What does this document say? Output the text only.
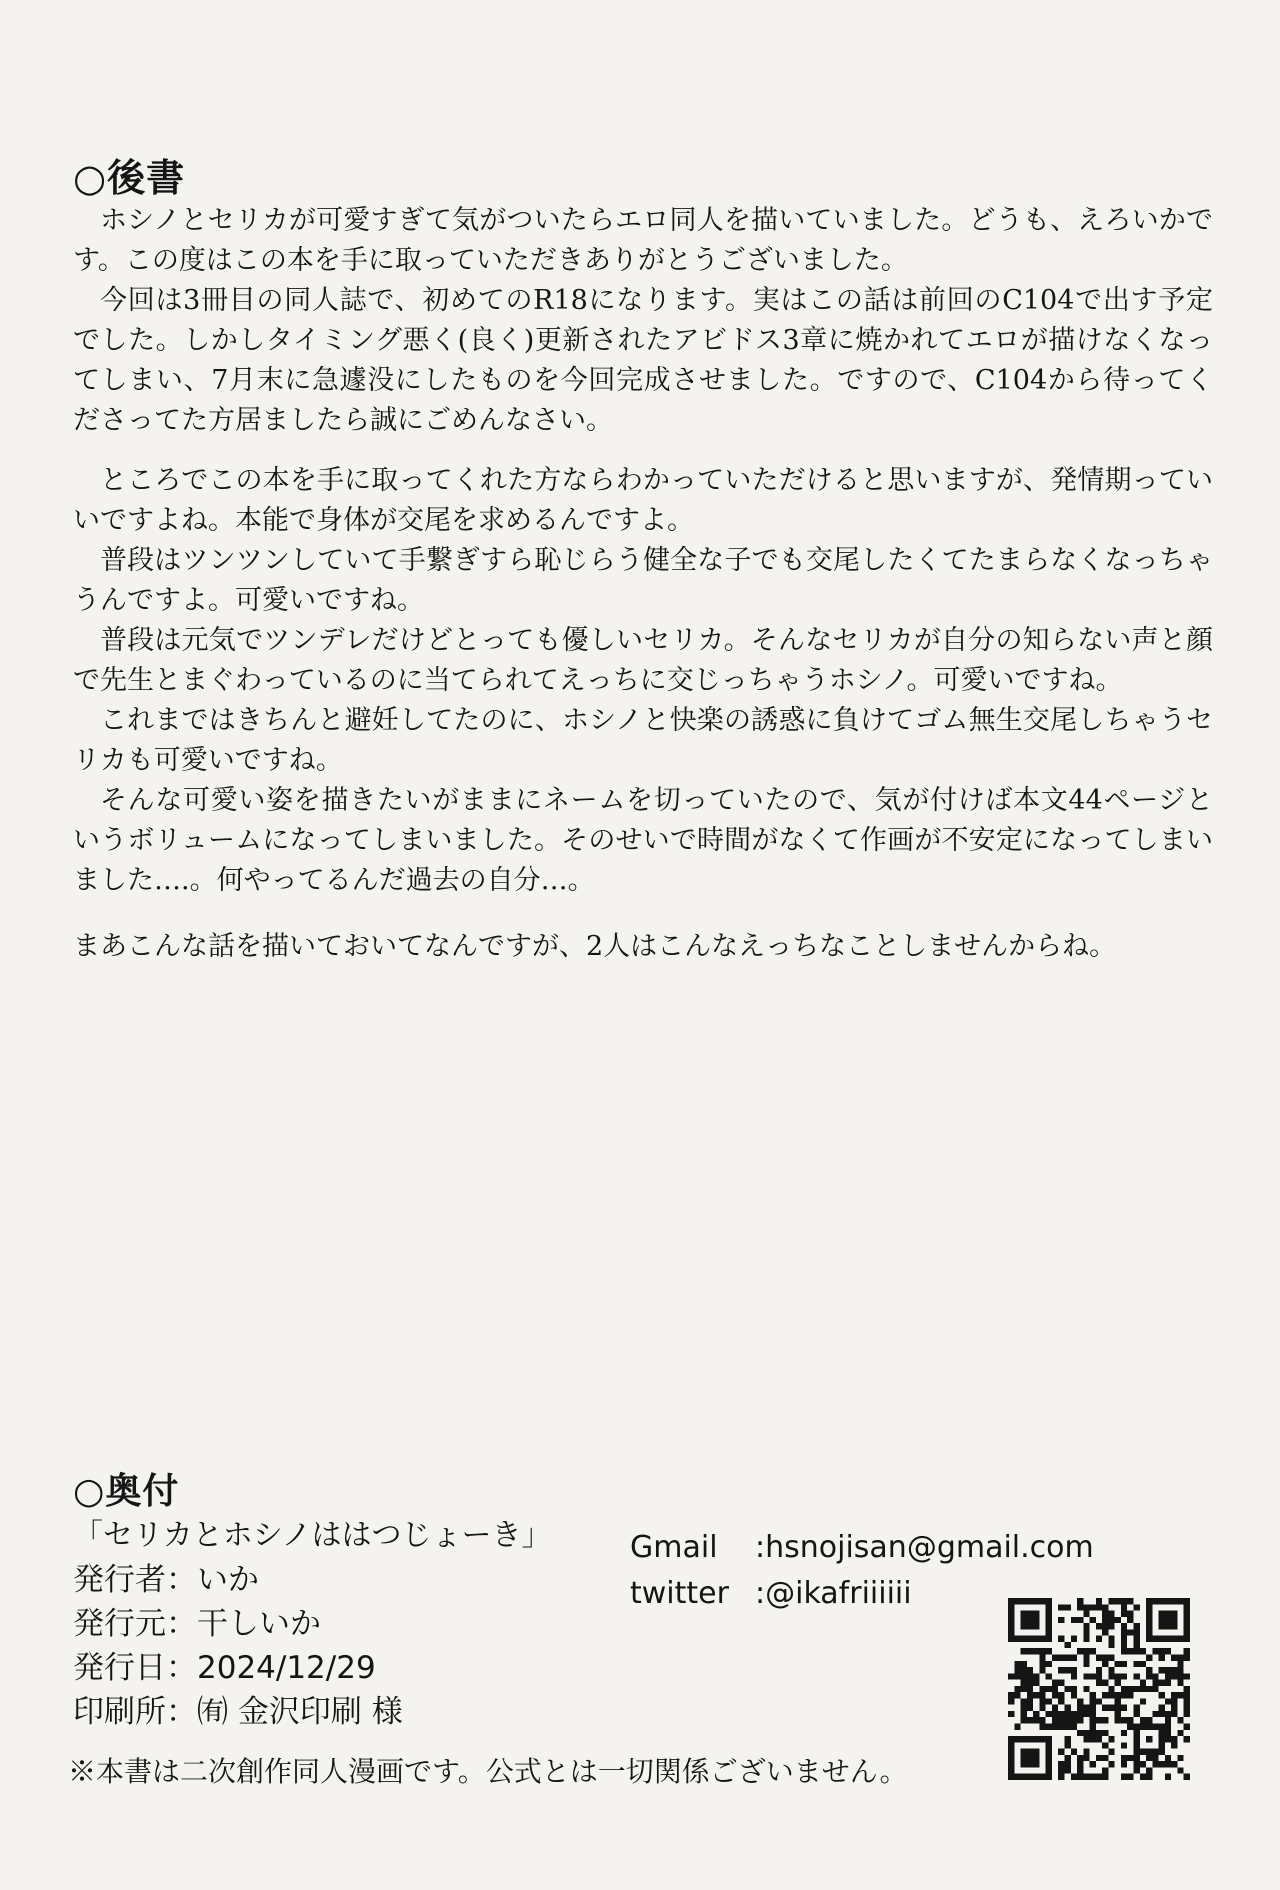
○後書

ホシノとセリカが可愛すぎて気がついたらエロ同人を描いていました。どうも、えろいかです。この度はこの本を手に取っていただきありがとうございました。

今回は3冊目の同人誌で、初めてのR18になります。実はこの話は前回のC104で出す予定でした。しかしタイミング悪く(良く)更新されたアビドス3章に焼かれてエロが描けなくなってしまい、7月末に急遽没にしたものを今回完成させました。ですので、C104から待ってくださってた方居ましたら誠にごめんなさい。

ところでこの本を手に取ってくれた方ならわかっていただけると思いますが、発情期っていいですよね。本能で身体が交尾を求めるんですよ。

普段はツンツンしていて手繋ぎすら恥じらう健全な子でも交尾したくてたまらなくなっちゃうんですよ。可愛いですね。

普段は元気でツンデレだけどとっても優しいセリカ。そんなセリカが自分の知らない声と顔で先生とまぐわっているのに当てられてえっちに交じっちゃうホシノ。可愛いですね。

これまではきちんと避妊してたのに、ホシノと快楽の誘惑に負けてゴム無生交尾しちゃうセリカも可愛いですね。

そんな可愛い姿を描きたいがままにネームを切っていたので、気が付けば本文44ページというボリュームになってしまいました。そのせいで時間がなくて作画が不安定になってしまいました….。何やってるんだ過去の自分…。

まあこんな話を描いておいてなんですが、2人はこんなえっちなことしませんからね。

○奥付
「セリカとホシノははつじょーき」
発行者：いか
発行元：干しいか
発行日：2024/12/29
印刷所：㈲ 金沢印刷 様
Gmail :hsnojisan@gmail.com
twitter :@ikafriiiiii
※本書は二次創作同人漫画です。公式とは一切関係ございません。
